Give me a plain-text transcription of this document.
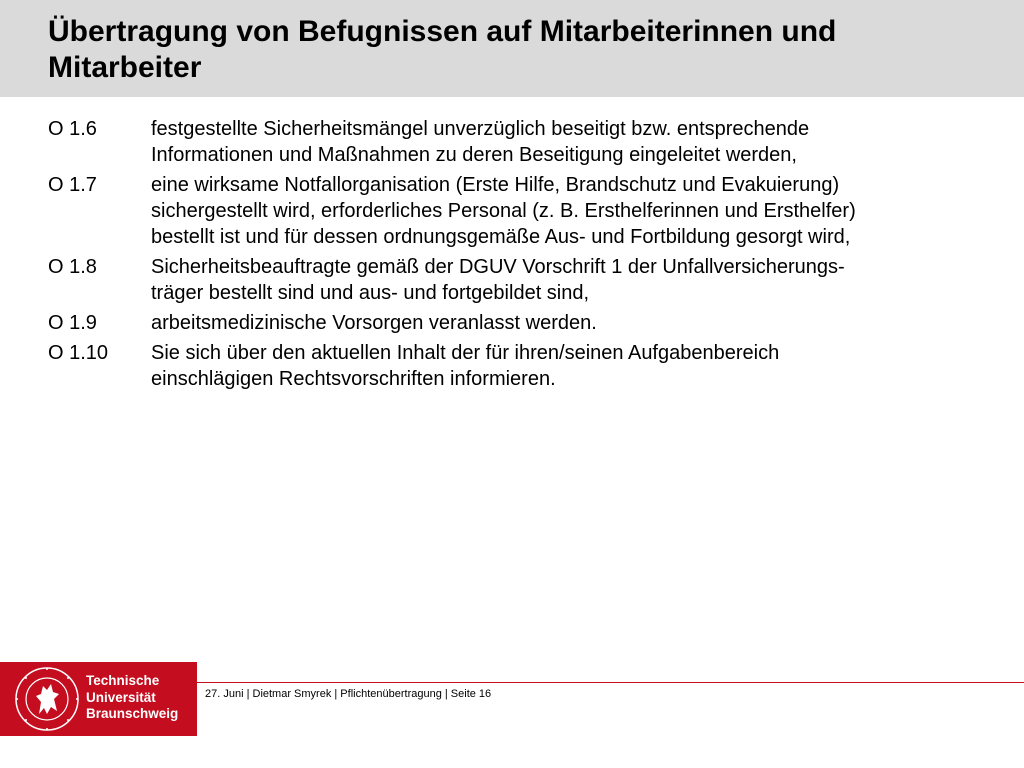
Übertragung von Befugnissen auf Mitarbeiterinnen und Mitarbeiter
O 1.6	festgestellte Sicherheitsmängel unverzüglich beseitigt bzw. entsprechende
Informationen und Maßnahmen zu deren Beseitigung eingeleitet werden,
O 1.7	eine wirksame Notfallorganisation (Erste Hilfe, Brandschutz und Evakuierung)
sichergestellt wird, erforderliches Personal (z. B. Ersthelferinnen und Ersthelfer)
bestellt ist und für dessen ordnungsgemäße Aus- und Fortbildung gesorgt wird,
O 1.8	Sicherheitsbeauftragte gemäß der DGUV Vorschrift 1 der Unfallversicherungs-
träger bestellt sind und aus- und fortgebildet sind,
O 1.9	arbeitsmedizinische Vorsorgen veranlasst werden.
O 1.10	Sie sich über den aktuellen Inhalt der für ihren/seinen Aufgabenbereich
einschlägigen Rechtsvorschriften informieren.
Technische
Universität
Braunschweig
27. Juni | Dietmar Smyrek | Pflichtenübertragung | Seite 16
